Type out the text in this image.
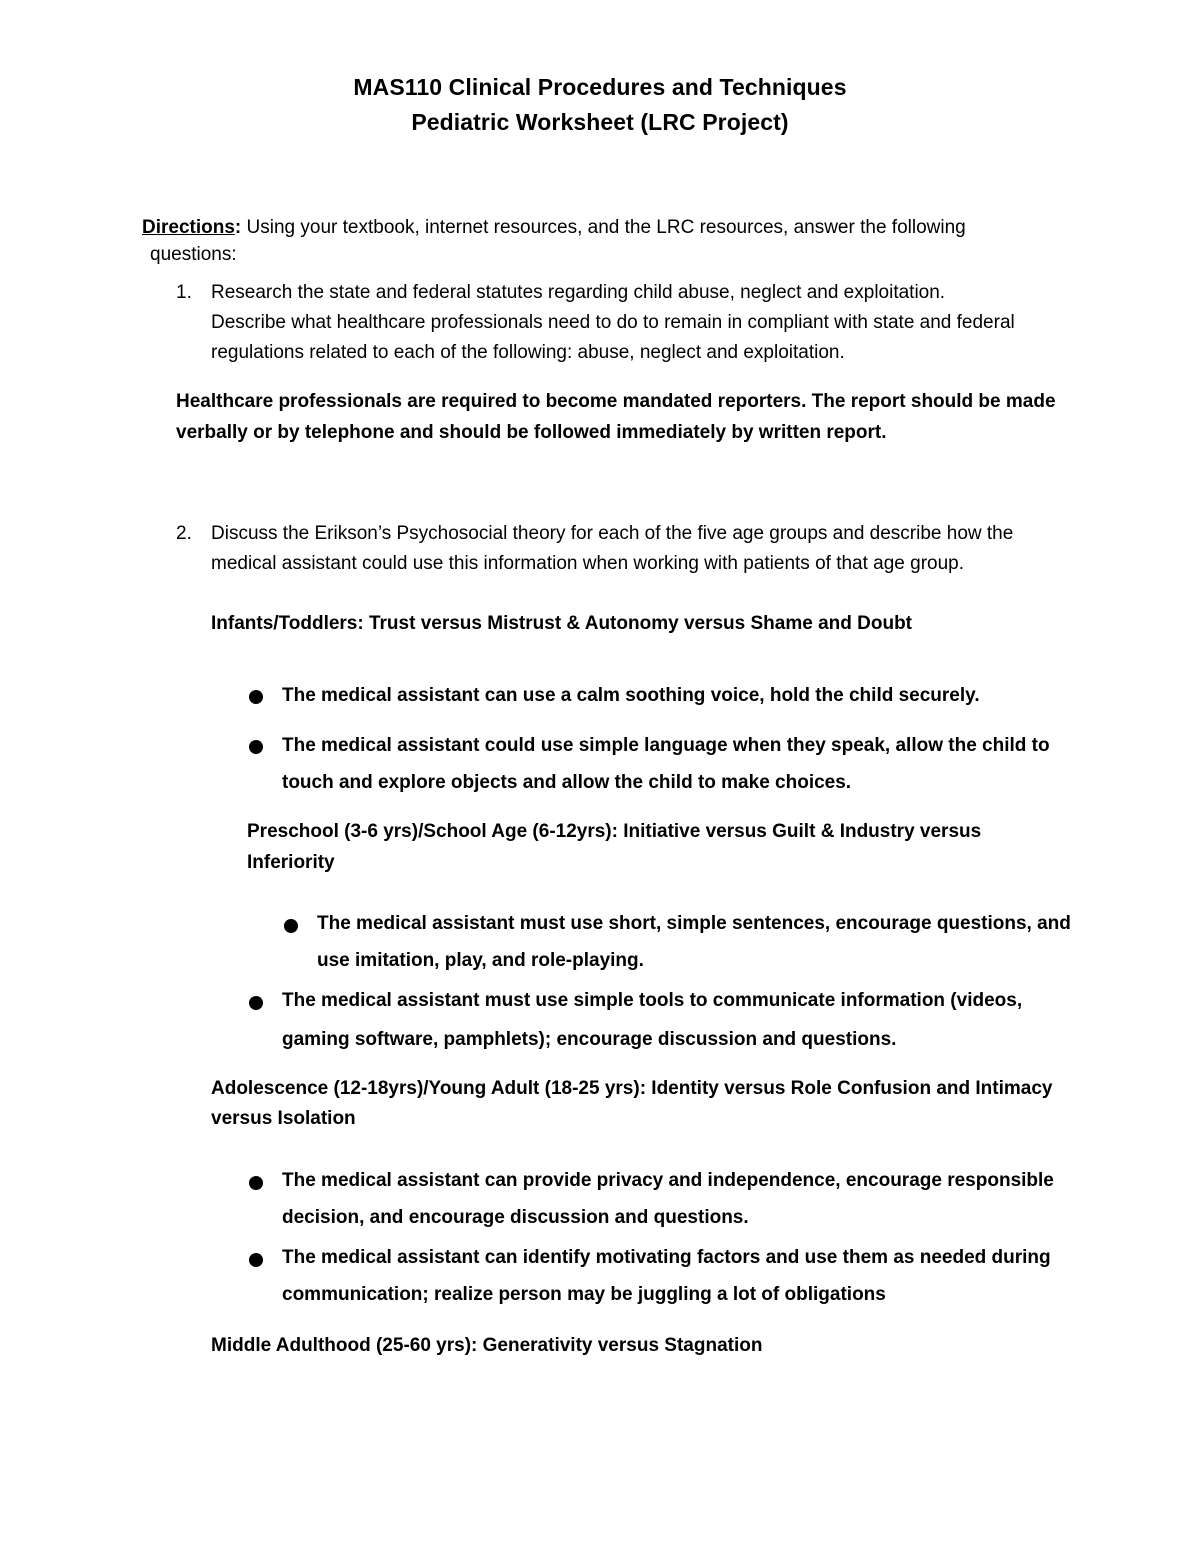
MAS110 Clinical Procedures and Techniques
Pediatric Worksheet (LRC Project)
Directions: Using your textbook, internet resources, and the LRC resources, answer the following
questions:
1. Research the state and federal statutes regarding child abuse, neglect and exploitation.
Describe what healthcare professionals need to do to remain in compliant with state and federal
regulations related to each of the following: abuse, neglect and exploitation.
Healthcare professionals are required to become mandated reporters. The report should be made
verbally or by telephone and should be followed immediately by written report.
2. Discuss the Erikson’s Psychosocial theory for each of the five age groups and describe how the
medical assistant could use this information when working with patients of that age group.
Infants/Toddlers: Trust versus Mistrust & Autonomy versus Shame and Doubt
The medical assistant can use a calm soothing voice, hold the child securely.
The medical assistant could use simple language when they speak, allow the child to
touch and explore objects and allow the child to make choices.
Preschool (3-6 yrs)/School Age (6-12yrs): Initiative versus Guilt & Industry versus
Inferiority
The medical assistant must use short, simple sentences, encourage questions, and
use imitation, play, and role-playing.
The medical assistant must use simple tools to communicate information (videos,
gaming software, pamphlets); encourage discussion and questions.
Adolescence (12-18yrs)/Young Adult (18-25 yrs): Identity versus Role Confusion and Intimacy
versus Isolation
The medical assistant can provide privacy and independence, encourage responsible
decision, and encourage discussion and questions.
The medical assistant can identify motivating factors and use them as needed during
communication; realize person may be juggling a lot of obligations
Middle Adulthood (25-60 yrs): Generativity versus Stagnation
